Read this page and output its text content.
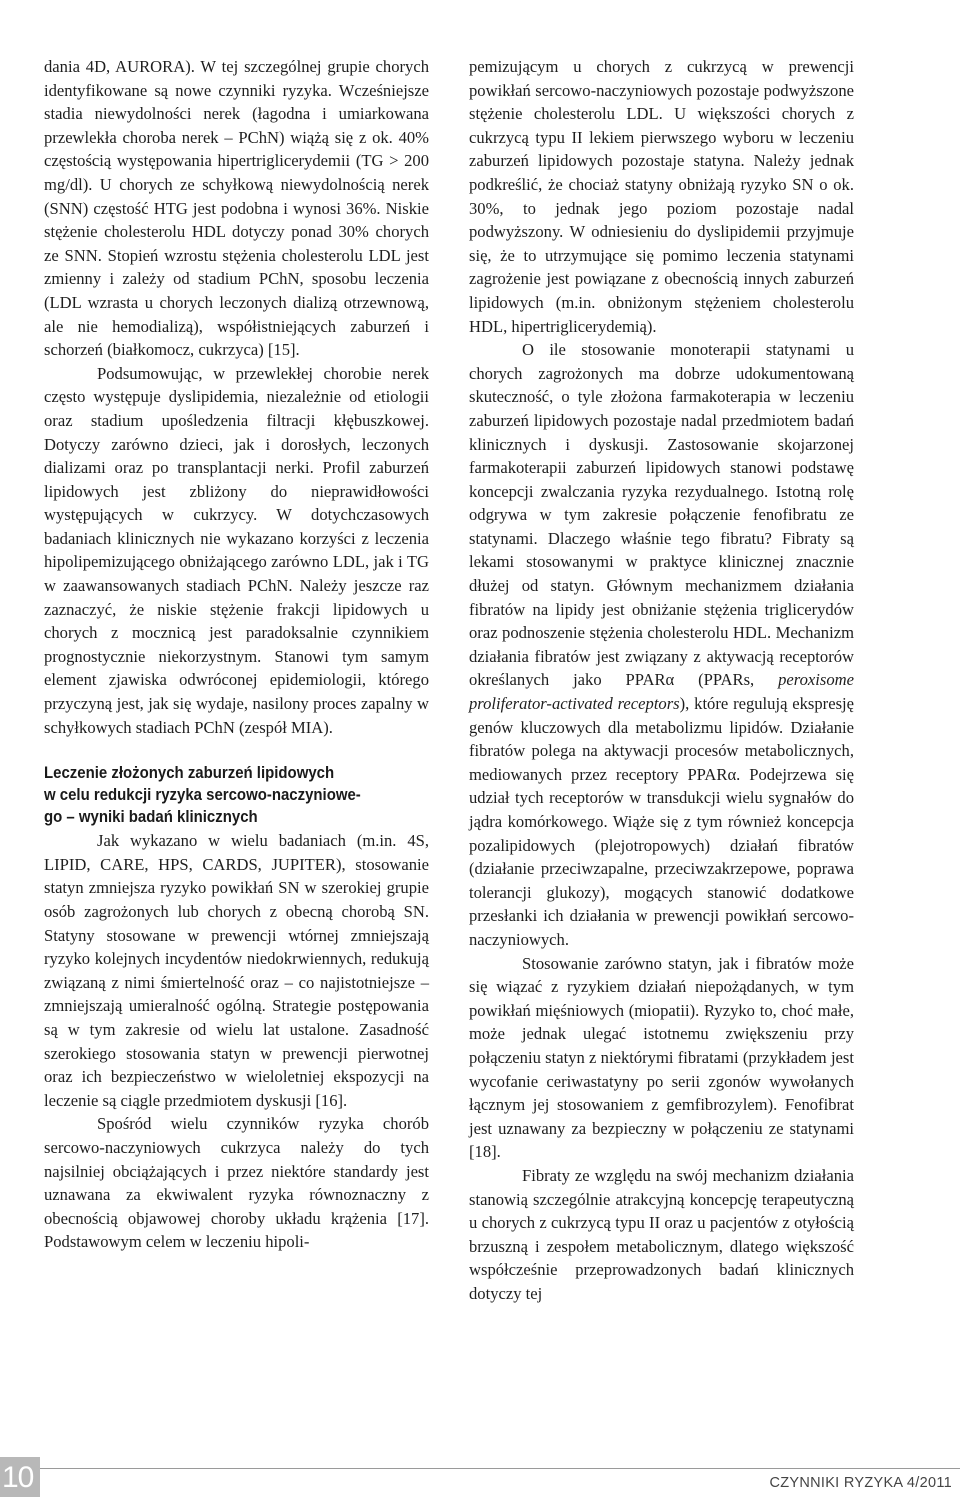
dania 4D, AURORA). W tej szczególnej grupie chorych identyfikowane są nowe czynniki ryzyka. Wcześniejsze stadia niewydolności nerek (łagodna i umiarkowana przewlekła choroba nerek – PChN) wiążą się z ok. 40% częstością występowania hipertriglicerydemii (TG > 200 mg/dl). U chorych ze schyłkową niewydolnością nerek (SNN) częstość HTG jest podobna i wynosi 36%. Niskie stężenie cholesterolu HDL dotyczy ponad 30% chorych ze SNN. Stopień wzrostu stężenia cholesterolu LDL jest zmienny i zależy od stadium PChN, sposobu leczenia (LDL wzrasta u chorych leczonych dializą otrzewnową, ale nie hemodializą), współistniejących zaburzeń i schorzeń (białkomocz, cukrzyca) [15].

Podsumowując, w przewlekłej chorobie nerek często występuje dyslipidemia, niezależnie od etiologii oraz stadium upośledzenia filtracji kłębuszkowej. Dotyczy zarówno dzieci, jak i dorosłych, leczonych dializami oraz po transplantacji nerki. Profil zaburzeń lipidowych jest zbliżony do nieprawidłowości występujących w cukrzycy. W dotychczasowych badaniach klinicznych nie wykazano korzyści z leczenia hipolipemizującego obniżającego zarówno LDL, jak i TG w zaawansowanych stadiach PChN. Należy jeszcze raz zaznaczyć, że niskie stężenie frakcji lipidowych u chorych z mocznicą jest paradoksalnie czynnikiem prognostycznie niekorzystnym. Stanowi tym samym element zjawiska odwróconej epidemiologii, którego przyczyną jest, jak się wydaje, nasilony proces zapalny w schyłkowych stadiach PChN (zespół MIA).

Leczenie złożonych zaburzeń lipidowych
w celu redukcji ryzyka sercowo-naczyniowe-
go – wyniki badań klinicznych

Jak wykazano w wielu badaniach (m.in. 4S, LIPID, CARE, HPS, CARDS, JUPITER), stosowanie statyn zmniejsza ryzyko powikłań SN w szerokiej grupie osób zagrożonych lub chorych z obecną chorobą SN. Statyny stosowane w prewencji wtórnej zmniejszają ryzyko kolejnych incydentów niedokrwiennych, redukują związaną z nimi śmiertelność oraz – co najistotniejsze – zmniejszają umieralność ogólną. Strategie postępowania są w tym zakresie od wielu lat ustalone. Zasadność szerokiego stosowania statyn w prewencji pierwotnej oraz ich bezpieczeństwo w wieloletniej ekspozycji na leczenie są ciągle przedmiotem dyskusji [16].

Spośród wielu czynników ryzyka chorób sercowo-naczyniowych cukrzyca należy do tych najsilniej obciążających i przez niektóre standardy jest uznawana za ekwiwalent ryzyka równoznaczny z obecnością objawowej choroby układu krążenia [17]. Podstawowym celem w leczeniu hipoli-

pemizującym u chorych z cukrzycą w prewencji powikłań sercowo-naczyniowych pozostaje podwyższone stężenie cholesterolu LDL. U większości chorych z cukrzycą typu II lekiem pierwszego wyboru w leczeniu zaburzeń lipidowych pozostaje statyna. Należy jednak podkreślić, że chociaż statyny obniżają ryzyko SN o ok. 30%, to jednak jego poziom pozostaje nadal podwyższony. W odniesieniu do dyslipidemii przyjmuje się, że to utrzymujące się pomimo leczenia statynami zagrożenie jest powiązane z obecnością innych zaburzeń lipidowych (m.in. obniżonym stężeniem cholesterolu HDL, hipertriglicerydemią).

O ile stosowanie monoterapii statynami u chorych zagrożonych ma dobrze udokumentowaną skuteczność, o tyle złożona farmakoterapia w leczeniu zaburzeń lipidowych pozostaje nadal przedmiotem badań klinicznych i dyskusji. Zastosowanie skojarzonej farmakoterapii zaburzeń lipidowych stanowi podstawę koncepcji zwalczania ryzyka rezydualnego. Istotną rolę odgrywa w tym zakresie połączenie fenofibratu ze statynami. Dlaczego właśnie tego fibratu? Fibraty są lekami stosowanymi w praktyce klinicznej znacznie dłużej od statyn. Głównym mechanizmem działania fibratów na lipidy jest obniżanie stężenia triglicerydów oraz podnoszenie stężenia cholesterolu HDL. Mechanizm działania fibratów jest związany z aktywacją receptorów określanych jako PPARα (PPARs, peroxisome proliferator-activated receptors), które regulują ekspresję genów kluczowych dla metabolizmu lipidów. Działanie fibratów polega na aktywacji procesów metabolicznych, mediowanych przez receptory PPARα. Podejrzewa się udział tych receptorów w transdukcji wielu sygnałów do jądra komórkowego. Wiąże się z tym również koncepcja pozalipidowych (plejotropowych) działań fibratów (działanie przeciwzapalne, przeciwzakrzepowe, poprawa tolerancji glukozy), mogących stanowić dodatkowe przesłanki ich działania w prewencji powikłań sercowo-naczyniowych.

Stosowanie zarówno statyn, jak i fibratów może się wiązać z ryzykiem działań niepożądanych, w tym powikłań mięśniowych (miopatii). Ryzyko to, choć małe, może jednak ulegać istotnemu zwiększeniu przy połączeniu statyn z niektórymi fibratami (przykładem jest wycofanie ceriwastatyny po serii zgonów wywołanych łącznym jej stosowaniem z gemfibrozylem). Fenofibrat jest uznawany za bezpieczny w połączeniu ze statynami [18].

Fibraty ze względu na swój mechanizm działania stanowią szczególnie atrakcyjną koncepcję terapeutyczną u chorych z cukrzycą typu II oraz u pacjentów z otyłością brzuszną i zespołem metabolicznym, dlatego większość współcześnie przeprowadzonych badań klinicznych dotyczy tej

10	CZYNNIKI RYZYKA 4/2011
